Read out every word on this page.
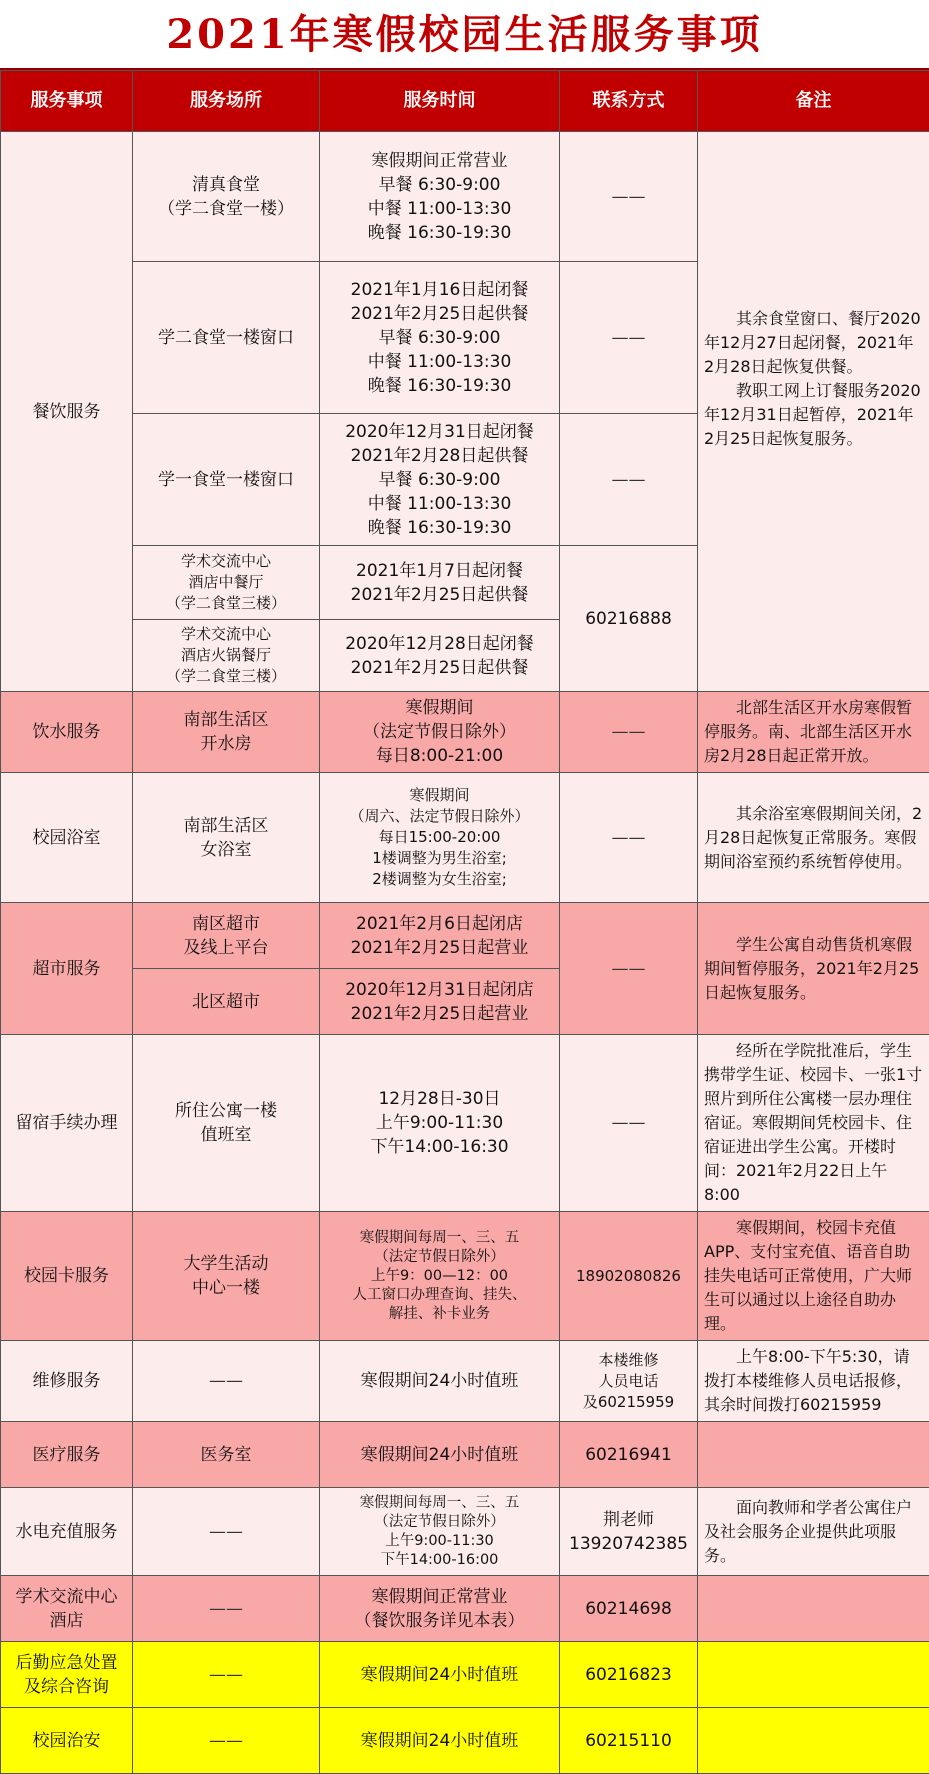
2021年寒假校园生活服务事项
服务事项	服务场所	服务时间	联系方式	备注
餐饮服务	清真食堂
（学二食堂一楼）	寒假期间正常营业
早餐 6:30-9:00
中餐 11:00-13:30
晚餐 16:30-19:30	——	其余食堂窗口、餐厅2020年12月27日起闭餐，2021年2月28日起恢复供餐。
教职工网上订餐服务2020年12月31日起暂停，2021年2月25日起恢复服务。

	学二食堂一楼窗口	2021年1月16日起闭餐
2021年2月25日起供餐
早餐 6:30-9:00
中餐 11:00-13:30
晚餐 16:30-19:30	——	
	学一食堂一楼窗口	2020年12月31日起闭餐
2021年2月28日起供餐
早餐 6:30-9:00
中餐 11:00-13:30
晚餐 16:30-19:30	——	

	学术交流中心
酒店中餐厅
（学二食堂三楼）	2021年1月7日起闭餐
2021年2月25日起供餐	60216888	

	学术交流中心
酒店火锅餐厅
（学二食堂三楼）	2020年12月28日起闭餐
2021年2月25日起供餐		

饮水服务	南部生活区
开水房	寒假期间
（法定节假日除外）
每日8:00-21:00	——	北部生活区开水房寒假暂停服务。南、北部生活区开水房2月28日起正常开放。

校园浴室	南部生活区
女浴室	寒假期间
（周六、法定节假日除外）
每日15:00-20:00
1楼调整为男生浴室;
2楼调整为女生浴室;	——	其余浴室寒假期间关闭，2月28日起恢复正常服务。寒假期间浴室预约系统暂停使用。

超市服务	南区超市
及线上平台	2021年2月6日起闭店
2021年2月25日起营业	——	学生公寓自动售货机寒假期间暂停服务，2021年2月25日起恢复服务。

	北区超市	2020年12月31日起闭店
2021年2月25日起营业		

留宿手续办理	所住公寓一楼
值班室	12月28日-30日
上午9:00-11:30
下午14:00-16:30	——	经所在学院批准后，学生携带学生证、校园卡、一张1寸照片到所住公寓楼一层办理住宿证。寒假期间凭校园卡、住宿证进出学生公寓。开楼时间：2021年2月22日上午8:00

校园卡服务	大学生活动
中心一楼	寒假期间每周一、三、五
（法定节假日除外）
上午9：00—12：00
人工窗口办理查询、挂失、
解挂、补卡业务	18902080826	寒假期间，校园卡充值APP、支付宝充值、语音自助挂失电话可正常使用，广大师生可以通过以上途径自助办理。

维修服务	——	寒假期间24小时值班	本楼维修
人员电话
及60215959	上午8:00-下午5:30，请拨打本楼维修人员电话报修，其余时间拨打60215959

医疗服务	医务室	寒假期间24小时值班	60216941	
水电充值服务	——	寒假期间每周一、三、五
（法定节假日除外）
上午9:00-11:30
下午14:00-16:00	荆老师
13920742385	面向教师和学者公寓住户及社会服务企业提供此项服务。

学术交流中心
酒店	——	寒假期间正常营业
（餐饮服务详见本表）	60214698	

后勤应急处置
及综合咨询	——	寒假期间24小时值班	60216823	
校园治安	——	寒假期间24小时值班	60215110	
